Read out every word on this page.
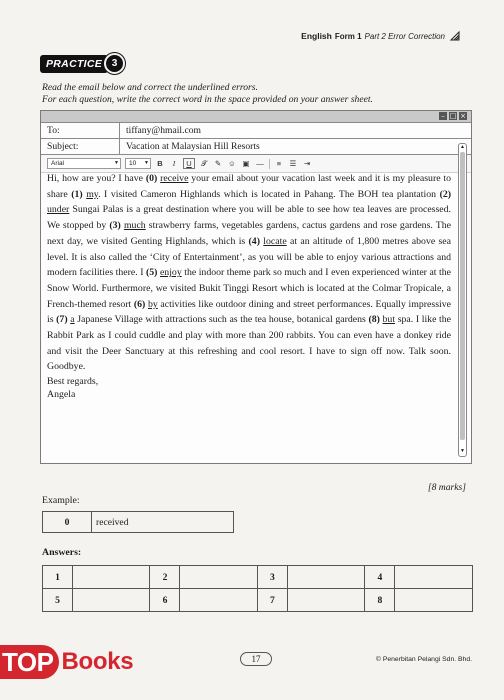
English Form 1 Part 2 Error Correction
PRACTICE 3
Read the email below and correct the underlined errors.
For each question, write the correct word in the space provided on your answer sheet.
– □ ×
To:	tiffany@hmail.com
Subject:	Vacation at Malaysian Hill Resorts
Arial	▼	10 ▼	B	I	U	𝓣 ✎ ☺ ▣ —	≡	☰ ⇥

Hi, how are you? I have (0) receive your email about your vacation last week and it is my pleasure to share (1) my. I visited Cameron Highlands which is located in Pahang. The BOH tea plantation (2) under Sungai Palas is a great destination where you will be able to see how tea leaves are processed. We stopped by (3) much strawberry farms, vegetables gardens, cactus gardens and rose gardens. The next day, we visited Genting Highlands, which is (4) locate at an altitude of 1,800 metres above sea level. It is also called the ‘City of Entertainment’, as you will be able to enjoy various attractions and modern facilities there. I (5) enjoy the indoor theme park so much and I even experienced winter at the Snow World. Furthermore, we visited Bukit Tinggi Resort which is located at the Colmar Tropicale, a French-themed resort (6) by activities like outdoor dining and street performances. Equally impressive is (7) a Japanese Village with attractions such as the tea house, botanical gardens (8) but spa. I like the Rabbit Park as I could cuddle and play with more than 200 rabbits. You can even have a donkey ride and visit the Deer Sanctuary at this refreshing and cool resort. I have to sign off now. Talk soon. Goodbye.

Best regards,

Angela

▲
▼
[8 marks]
Example:
0	received
Answers:
1		2		3		4	
5		6		7		8	
TOP Books	17	© Penerbitan Pelangi Sdn. Bhd.
